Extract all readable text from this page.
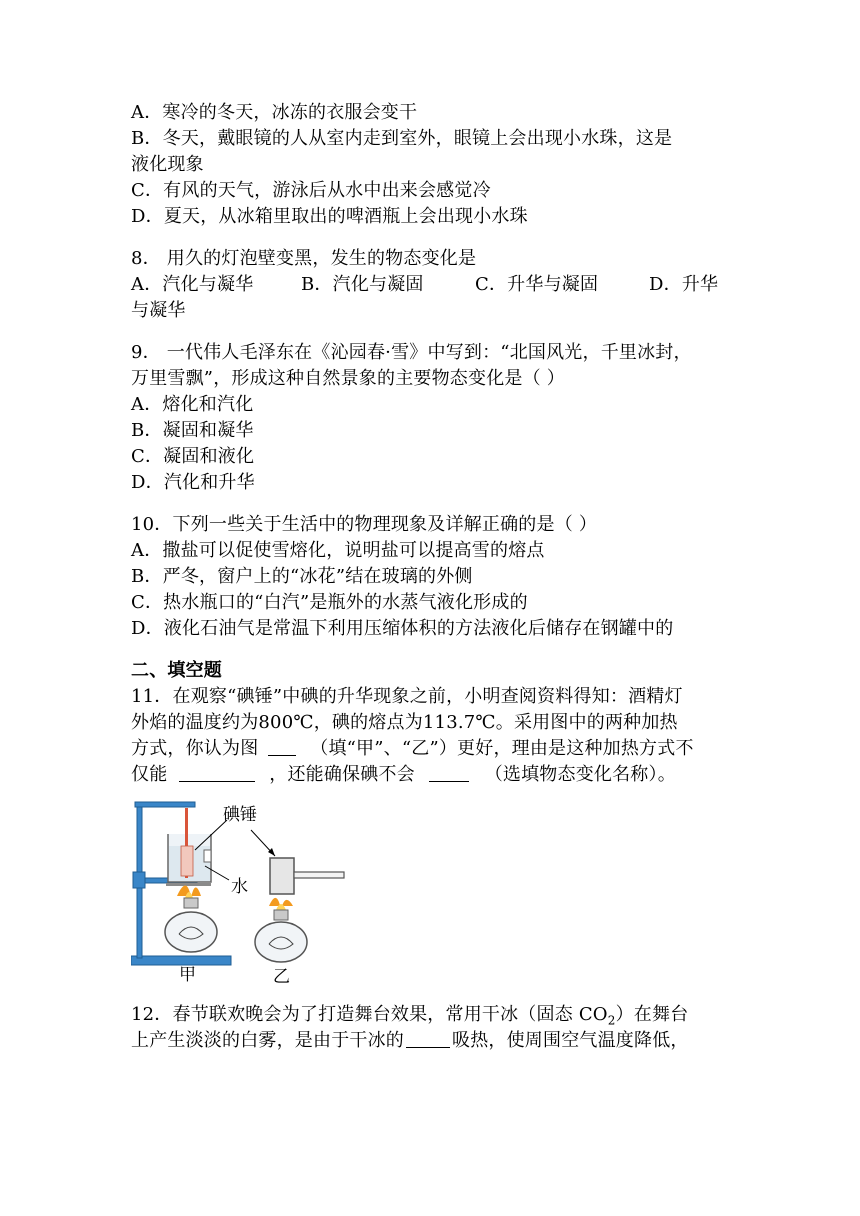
A．寒冷的冬天，冰冻的衣服会变干
B．冬天，戴眼镜的人从室内走到室外，眼镜上会出现小水珠，这是
液化现象
C．有风的天气，游泳后从水中出来会感觉冷
D．夏天，从冰箱里取出的啤酒瓶上会出现小水珠
8． 用久的灯泡壁变黑，发生的物态变化是
A．汽化与凝华	B．汽化与凝固	C．升华与凝固	D．升华
与凝华
9． 一代伟人毛泽东在《沁园春·雪》中写到：“北国风光，千里冰封，
万里雪飘”，形成这种自然景象的主要物态变化是（ ）
A．熔化和汽化
B．凝固和凝华
C．凝固和液化
D．汽化和升华
10．下列一些关于生活中的物理现象及详解正确的是（ ）
A．撒盐可以促使雪熔化，说明盐可以提高雪的熔点
B．严冬，窗户上的“冰花”结在玻璃的外侧
C．热水瓶口的“白汽”是瓶外的水蒸气液化形成的
D．液化石油气是常温下利用压缩体积的方法液化后储存在钢罐中的
二、填空题
11．在观察“碘锤”中碘的升华现象之前，小明查阅资料得知：酒精灯
外焰的温度约为800℃，碘的熔点为113.7℃。采用图中的两种加热
方式，你认为图	（填“甲”、“乙”）更好，理由是这种加热方式不
仅能	，还能确保碘不会	（选填物态变化名称）。
碘锤
水
甲	乙
12．春节联欢晚会为了打造舞台效果，常用干冰（固态 $CO_2$）在舞台
上产生淡淡的白雾，是由于干冰的	吸热，使周围空气温度降低，
